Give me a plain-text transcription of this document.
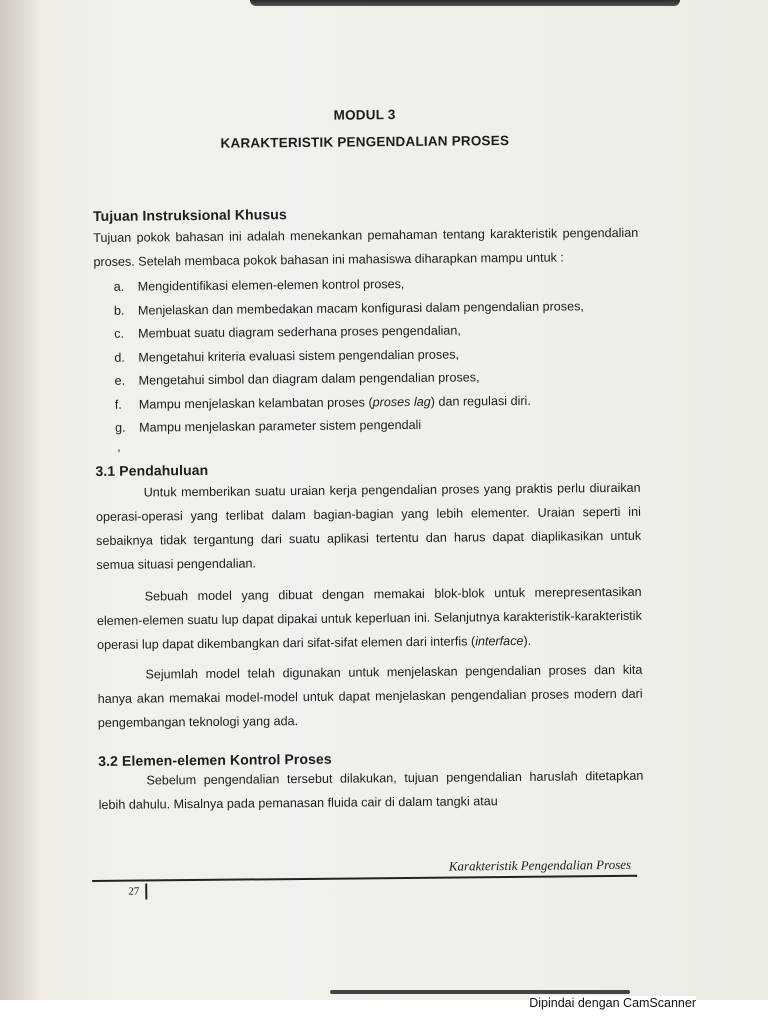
MODUL 3
KARAKTERISTIK PENGENDALIAN PROSES
Tujuan Instruksional Khusus

Tujuan pokok bahasan ini adalah menekankan pemahaman tentang karakteristik pengendalian proses. Setelah membaca pokok bahasan ini mahasiswa diharapkan mampu untuk :

a. Mengidentifikasi elemen-elemen kontrol proses,
b. Menjelaskan dan membedakan macam konfigurasi dalam pengendalian proses,
c. Membuat suatu diagram sederhana proses pengendalian,
d. Mengetahui kriteria evaluasi sistem pengendalian proses,
e. Mengetahui simbol dan diagram dalam pengendalian proses,
f. Mampu menjelaskan kelambatan proses (proses lag) dan regulasi diri.
g. Mampu menjelaskan parameter sistem pengendali
,
3.1 Pendahuluan

Untuk memberikan suatu uraian kerja pengendalian proses yang praktis perlu diuraikan operasi-operasi yang terlibat dalam bagian-bagian yang lebih elementer. Uraian seperti ini sebaiknya tidak tergantung dari suatu aplikasi tertentu dan harus dapat diaplikasikan untuk semua situasi pengendalian.

Sebuah model yang dibuat dengan memakai blok-blok untuk merepresentasikan elemen-elemen suatu lup dapat dipakai untuk keperluan ini. Selanjutnya karakteristik-karakteristik operasi lup dapat dikembangkan dari sifat-sifat elemen dari interfis (interface).

Sejumlah model telah digunakan untuk menjelaskan pengendalian proses dan kita hanya akan memakai model-model untuk dapat menjelaskan pengendalian proses modern dari pengembangan teknologi yang ada.

3.2 Elemen-elemen Kontrol Proses

Sebelum pengendalian tersebut dilakukan, tujuan pengendalian haruslah ditetapkan lebih dahulu. Misalnya pada pemanasan fluida cair di dalam tangki atau

Karakteristik Pengendalian Proses
27
Dipindai dengan CamScanner
